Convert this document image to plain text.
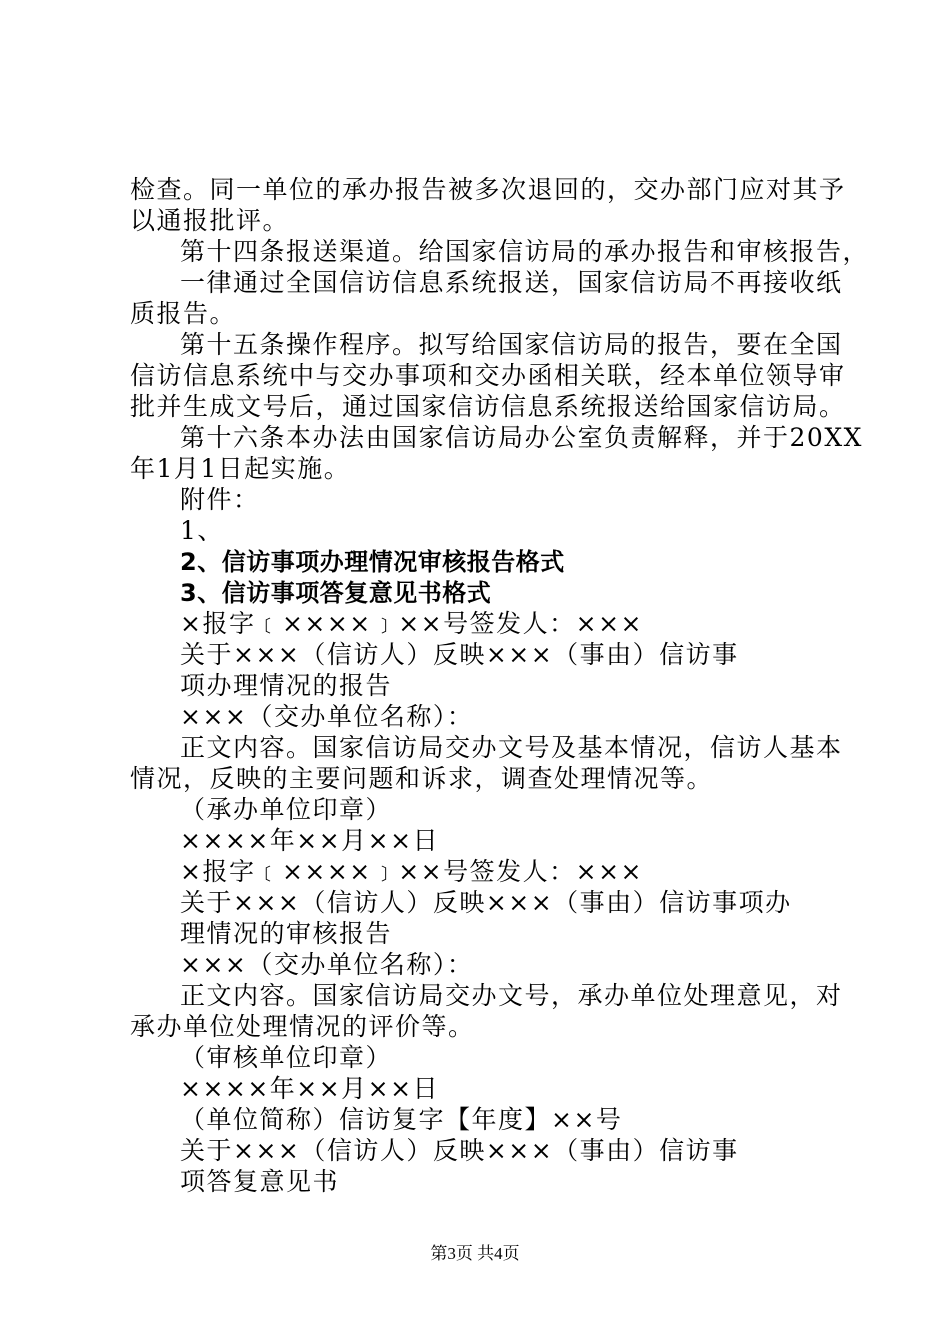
检查。同一单位的承办报告被多次退回的，交办部门应对其予
以通报批评。
第十四条报送渠道。给国家信访局的承办报告和审核报告，
一律通过全国信访信息系统报送，国家信访局不再接收纸
质报告。
第十五条操作程序。拟写给国家信访局的报告，要在全国
信访信息系统中与交办事项和交办函相关联，经本单位领导审
批并生成文号后，通过国家信访信息系统报送给国家信访局。
第十六条本办法由国家信访局办公室负责解释，并于20XX
年1月1日起实施。
附件：
1、
2、信访事项办理情况审核报告格式
3、信访事项答复意见书格式
×报字﹝××××﹞××号签发人：×××
关于×××（信访人）反映×××（事由）信访事
项办理情况的报告
×××（交办单位名称）：
正文内容。国家信访局交办文号及基本情况，信访人基本
情况，反映的主要问题和诉求，调查处理情况等。
（承办单位印章）
××××年××月××日
×报字﹝××××﹞××号签发人：×××
关于×××（信访人）反映×××（事由）信访事项办
理情况的审核报告
×××（交办单位名称）：
正文内容。国家信访局交办文号，承办单位处理意见，对
承办单位处理情况的评价等。
（审核单位印章）
××××年××月××日
（单位简称）信访复字【年度】××号
关于×××（信访人）反映×××（事由）信访事
项答复意见书
第3页 共4页
